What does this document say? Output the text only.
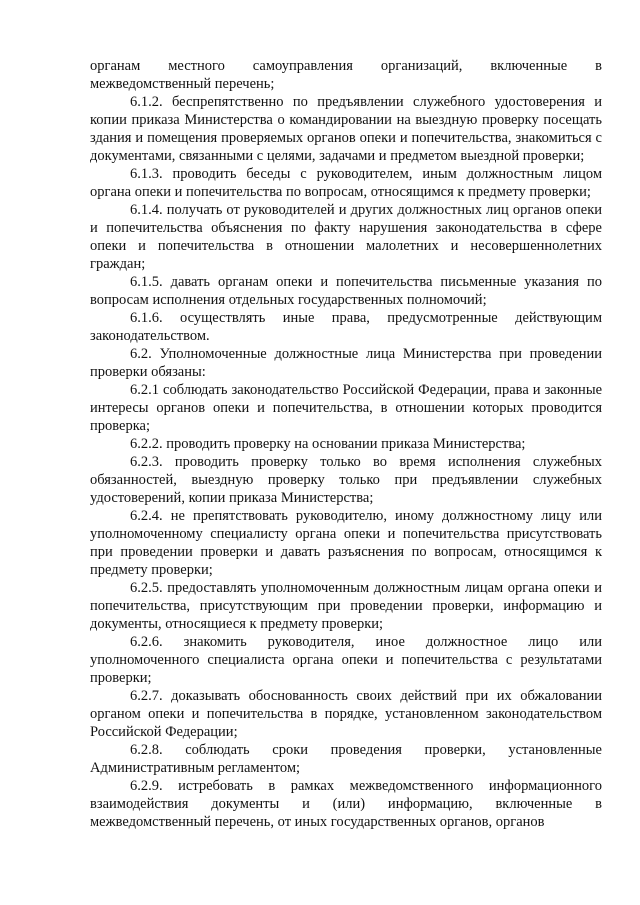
органам местного самоуправления организаций, включенные в межведомственный перечень;

6.1.2. беспрепятственно по предъявлении служебного удостоверения и копии приказа Министерства о командировании на выездную проверку посещать здания и помещения проверяемых органов опеки и попечительства, знакомиться с документами, связанными с целями, задачами и предметом выездной проверки;

6.1.3. проводить беседы с руководителем, иным должностным лицом органа опеки и попечительства по вопросам, относящимся к предмету проверки;

6.1.4. получать от руководителей и других должностных лиц органов опеки и попечительства объяснения по факту нарушения законодательства в сфере опеки и попечительства в отношении малолетних и несовершеннолетних граждан;

6.1.5. давать органам опеки и попечительства письменные указания по вопросам исполнения отдельных государственных полномочий;

6.1.6. осуществлять иные права, предусмотренные действующим законодательством.

6.2. Уполномоченные должностные лица Министерства при проведении проверки обязаны:

6.2.1 соблюдать законодательство Российской Федерации, права и законные интересы органов опеки и попечительства, в отношении которых проводится проверка;

6.2.2. проводить проверку на основании приказа Министерства;

6.2.3. проводить проверку только во время исполнения служебных обязанностей, выездную проверку только при предъявлении служебных удостоверений, копии приказа Министерства;

6.2.4. не препятствовать руководителю, иному должностному лицу или уполномоченному специалисту органа опеки и попечительства присутствовать при проведении проверки и давать разъяснения по вопросам, относящимся к предмету проверки;

6.2.5. предоставлять уполномоченным должностным лицам органа опеки и попечительства, присутствующим при проведении проверки, информацию и документы, относящиеся к предмету проверки;

6.2.6. знакомить руководителя, иное должностное лицо или уполномоченного специалиста органа опеки и попечительства с результатами проверки;

6.2.7. доказывать обоснованность своих действий при их обжаловании органом опеки и попечительства в порядке, установленном законодательством Российской Федерации;

6.2.8. соблюдать сроки проведения проверки, установленные Административным регламентом;

6.2.9. истребовать в рамках межведомственного информационного взаимодействия документы и (или) информацию, включенные в межведомственный перечень, от иных государственных органов, органов
